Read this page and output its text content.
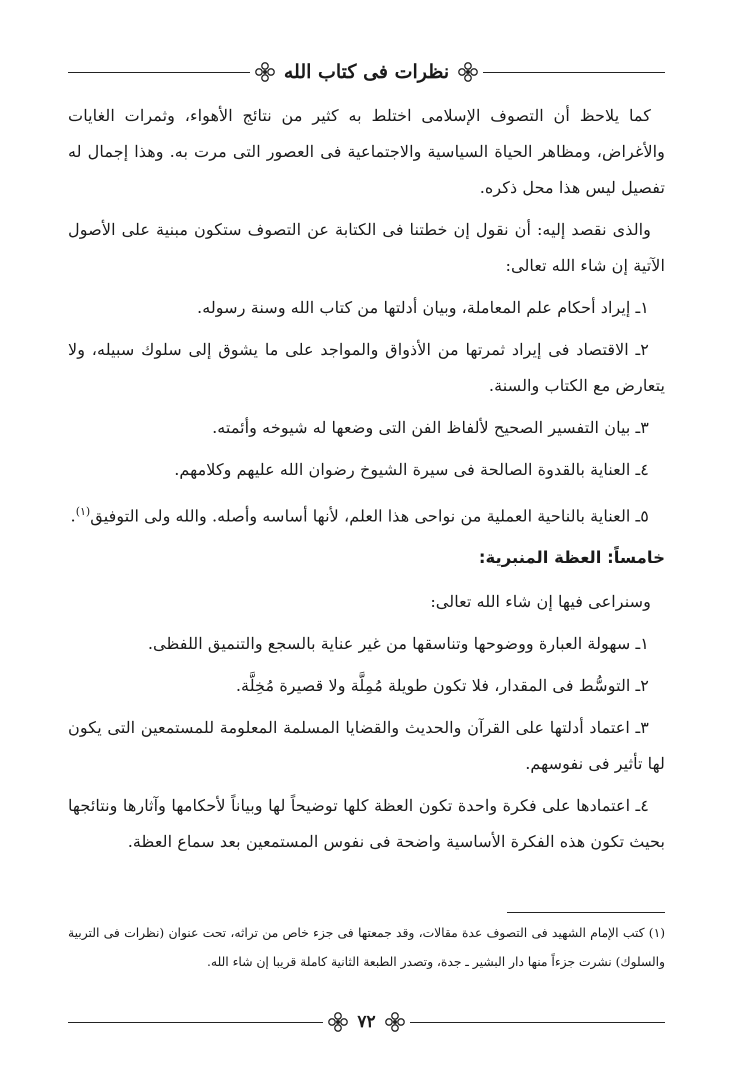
نظرات فى كتاب الله

كما يلاحظ أن التصوف الإسلامى اختلط به كثير من نتائج الأهواء، وثمرات الغايات والأغراض، ومظاهر الحياة السياسية والاجتماعية فى العصور التى مرت به. وهذا إجمال له تفصيل ليس هذا محل ذكره.

والذى نقصد إليه: أن نقول إن خطتنا فى الكتابة عن التصوف ستكون مبنية على الأصول الآتية إن شاء الله تعالى:

١ـ إيراد أحكام علم المعاملة، وبيان أدلتها من كتاب الله وسنة رسوله.

٢ـ الاقتصاد فى إيراد ثمرتها من الأذواق والمواجد على ما يشوق إلى سلوك سبيله، ولا يتعارض مع الكتاب والسنة.

٣ـ بيان التفسير الصحيح لألفاظ الفن التى وضعها له شيوخه وأئمته.

٤ـ العناية بالقدوة الصالحة فى سيرة الشيوخ رضوان الله عليهم وكلامهم.

٥ـ العناية بالناحية العملية من نواحى هذا العلم، لأنها أساسه وأصله. والله ولى التوفيق$^{(١)}$.

خامساً: العظة المنبرية:

وسنراعى فيها إن شاء الله تعالى:

١ـ سهولة العبارة ووضوحها وتناسقها من غير عناية بالسجع والتنميق اللفظى.

٢ـ التوسُّط فى المقدار، فلا تكون طويلة مُمِلَّة ولا قصيرة مُخِلَّة.

٣ـ اعتماد أدلتها على القرآن والحديث والقضايا المسلمة المعلومة للمستمعين التى يكون لها تأثير فى نفوسهم.

٤ـ اعتمادها على فكرة واحدة تكون العظة كلها توضيحاً لها وبياناً لأحكامها وآثارها ونتائجها بحيث تكون هذه الفكرة الأساسية واضحة فى نفوس المستمعين بعد سماع العظة.

(١) كتب الإمام الشهيد فى التصوف عدة مقالات، وقد جمعتها فى جزء خاص من تراثه، تحت عنوان (نظرات فى التربية والسلوك) نشرت جزءاً منها دار البشير ـ جدة، وتصدر الطبعة الثانية كاملة قريبا إن شاء الله.
٧٢
